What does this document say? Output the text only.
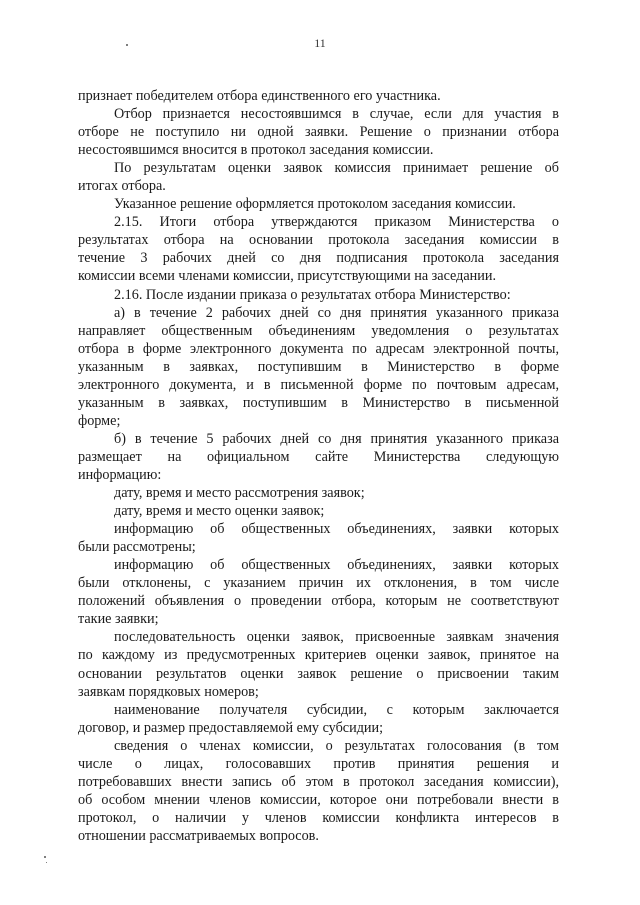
11
признает победителем отбора единственного его участника.
Отбор признается несостоявшимся в случае, если для участия в
отборе не поступило ни одной заявки. Решение о признании отбора
несостоявшимся вносится в протокол заседания комиссии.
По результатам оценки заявок комиссия принимает решение об
итогах отбора.
Указанное решение оформляется протоколом заседания комиссии.
2.15. Итоги отбора утверждаются приказом Министерства о
результатах отбора на основании протокола заседания комиссии в
течение 3 рабочих дней со дня подписания протокола заседания
комиссии всеми членами комиссии, присутствующими на заседании.
2.16. После издании приказа о результатах отбора Министерство:
а) в течение 2 рабочих дней со дня принятия указанного приказа
направляет общественным объединениям уведомления о результатах
отбора в форме электронного документа по адресам электронной почты,
указанным в заявках, поступившим в Министерство в форме
электронного документа, и в письменной форме по почтовым адресам,
указанным в заявках, поступившим в Министерство в письменной
форме;
б) в течение 5 рабочих дней со дня принятия указанного приказа
размещает на официальном сайте Министерства следующую
информацию:
дату, время и место рассмотрения заявок;
дату, время и место оценки заявок;
информацию об общественных объединениях, заявки которых
были рассмотрены;
информацию об общественных объединениях, заявки которых
были отклонены, с указанием причин их отклонения, в том числе
положений объявления о проведении отбора, которым не соответствуют
такие заявки;
последовательность оценки заявок, присвоенные заявкам значения
по каждому из предусмотренных критериев оценки заявок, принятое на
основании результатов оценки заявок решение о присвоении таким
заявкам порядковых номеров;
наименование получателя субсидии, с которым заключается
договор, и размер предоставляемой ему субсидии;
сведения о членах комиссии, о результатах голосования (в том
числе о лицах, голосовавших против принятия решения и
потребовавших внести запись об этом в протокол заседания комиссии),
об особом мнении членов комиссии, которое они потребовали внести в
протокол, о наличии у членов комиссии конфликта интересов в
отношении рассматриваемых вопросов.
